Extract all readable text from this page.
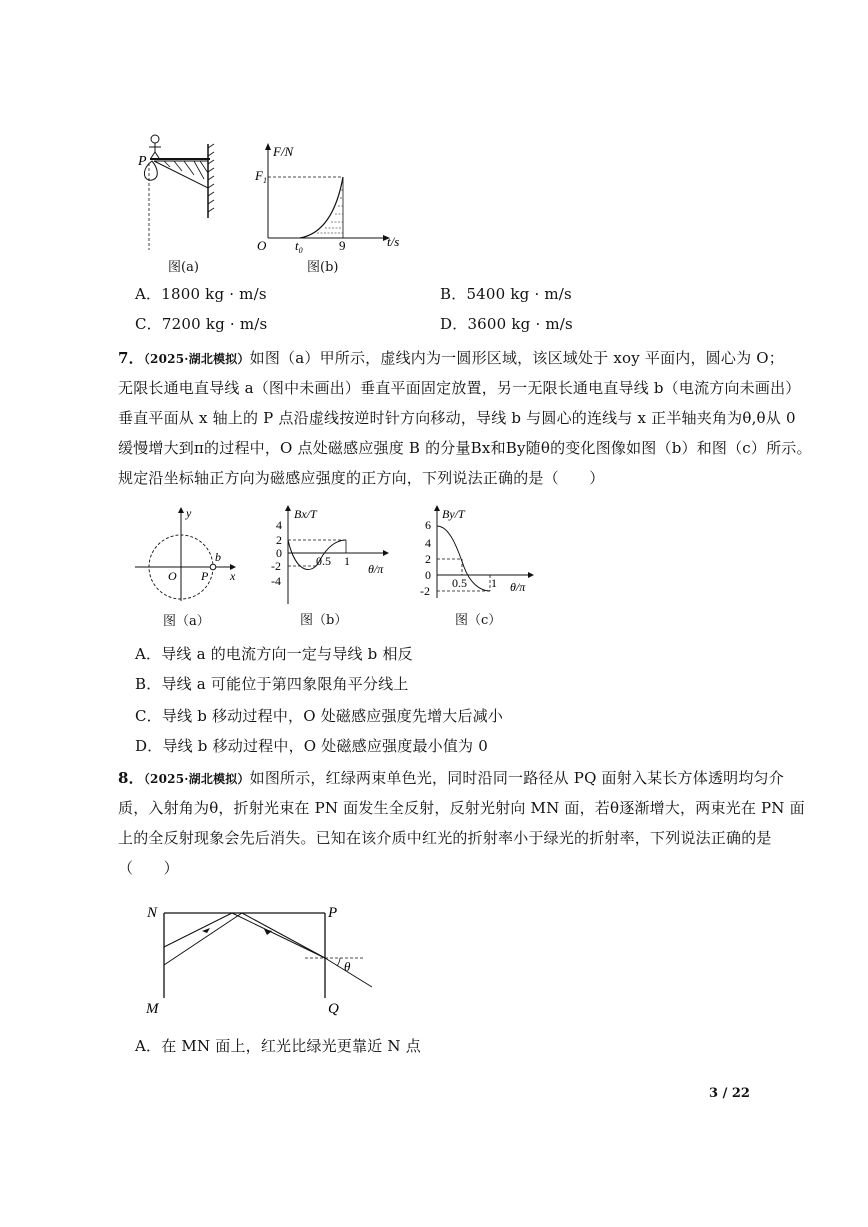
P
图(a)
F/N
$F_1$
O $t_0$	9	t/s
图(b)
A．1800 kg · m/s	B．5400 kg · m/s
C．7200 kg · m/s	D．3600 kg · m/s
7．（2025·湖北模拟）如图（a）甲所示，虚线内为一圆形区域，该区域处于 xoy 平面内，圆心为 O；
无限长通电直导线 a（图中未画出）垂直平面固定放置，另一无限长通电直导线 b（电流方向未画出）
垂直平面从 x 轴上的 P 点沿虚线按逆时针方向移动，导线 b 与圆心的连线与 x 正半轴夹角为θ,θ从 0
缓慢增大到π的过程中，O 点处磁感应强度 B 的分量Bx和By随θ的变化图像如图（b）和图（c）所示。
规定沿坐标轴正方向为磁感应强度的正方向，下列说法正确的是（　　）
y
x
O P
b
图（a）
Bx/T
4
2
0
-2
-4
0.5 1
θ/π
图（b）
By/T
6
4
2
0
-2
0.5 1 θ/π
图（c）
A．导线 a 的电流方向一定与导线 b 相反
B．导线 a 可能位于第四象限角平分线上
C．导线 b 移动过程中，O 处磁感应强度先增大后减小
D．导线 b 移动过程中，O 处磁感应强度最小值为 0
8．（2025·湖北模拟）如图所示，红绿两束单色光，同时沿同一路径从 PQ 面射入某长方体透明均匀介
质，入射角为θ，折射光束在 PN 面发生全反射，反射光射向 MN 面，若θ逐渐增大，两束光在 PN 面
上的全反射现象会先后消失。已知在该介质中红光的折射率小于绿光的折射率，下列说法正确的是
（　　）
N	P
M	Q
θ
A．在 MN 面上，红光比绿光更靠近 N 点
3 / 22
